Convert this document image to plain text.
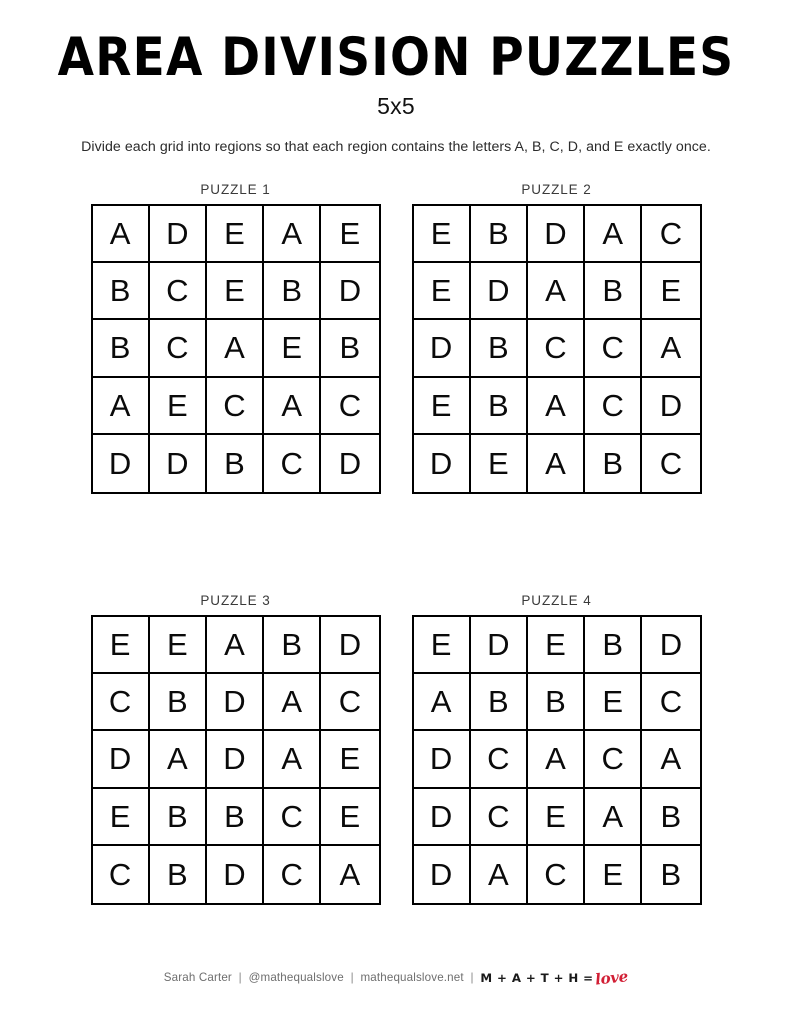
AREA DIVISION PUZZLES
5x5
Divide each grid into regions so that each region contains the letters A, B, C, D, and E exactly once.
PUZZLE 1
A	D	E	A	E
B	C	E	B	D
B	C	A	E	B
A	E	C	A	C
D	D	B	C	D
PUZZLE 2
E	B	D	A	C
E	D	A	B	E
D	B	C	C	A
E	B	A	C	D
D	E	A	B	C
PUZZLE 3
E	E	A	B	D
C	B	D	A	C
D	A	D	A	E
E	B	B	C	E
C	B	D	C	A
PUZZLE 4
E	D	E	B	D
A	B	B	E	C
D	C	A	C	A
D	C	E	A	B
D	A	C	E	B
Sarah Carter | @mathequalslove | mathequalslove.net | M + A + T + H = love
